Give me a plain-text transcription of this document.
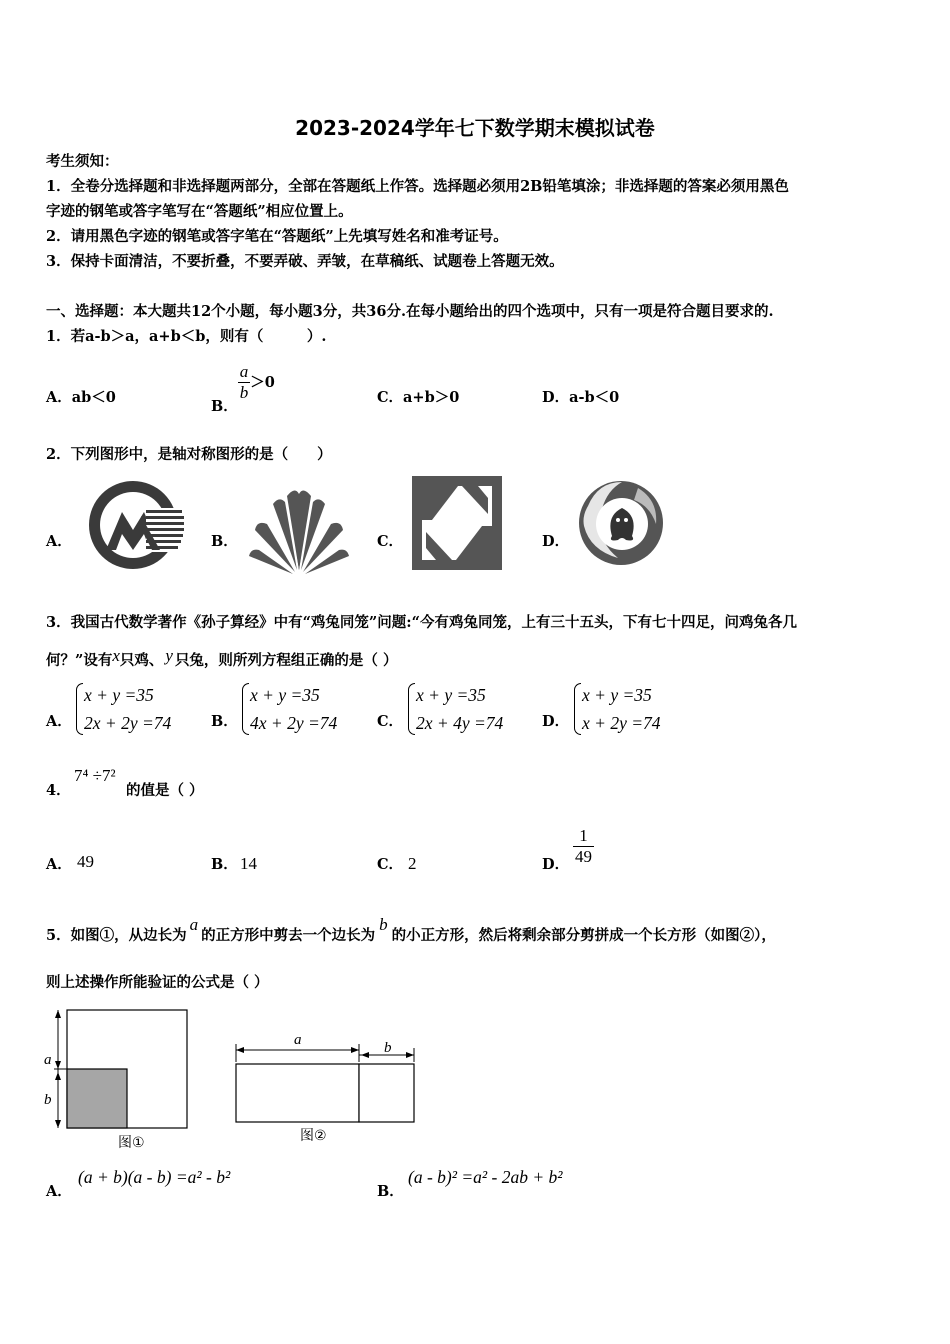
2023-2024学年七下数学期末模拟试卷
考生须知：
1．全卷分选择题和非选择题两部分，全部在答题纸上作答。选择题必须用2B铅笔填涂；非选择题的答案必须用黑色
字迹的钢笔或答字笔写在“答题纸”相应位置上。
2．请用黑色字迹的钢笔或答字笔在“答题纸”上先填写姓名和准考证号。
3．保持卡面清洁，不要折叠，不要弄破、弄皱，在草稿纸、试题卷上答题无效。
一、选择题：本大题共12个小题，每小题3分，共36分.在每小题给出的四个选项中，只有一项是符合题目要求的.
1．若a-b＞a，a+b＜b，则有（　　　）.
A．ab＜0	B．
$\frac{a}{b} >0$
C．a+b＞0	D．a-b＜0
2．下列图形中，是轴对称图形的是（　　）
A．	B．	C．	D．
3．我国古代数学著作《孙子算经》中有“鸡兔同笼”问题:“今有鸡兔同笼，上有三十五头，下有七十四足，问鸡兔各几
何？”设有x只鸡、 y 只兔，则所列方程组正确的是（ ）
A．
x + y =35
2x + 2y =74	B．
x + y =35
4x + 2y =74	C．
x + y =35
2x + 4y =74	D．
x + y =35
x + 2y =74
4．
7⁴ ÷7²
的值是（ ）
A． 49	B． 14	C． 2	D． $\frac{1}{49}$
5．如图①，从边长为a的正方形中剪去一个边长为b的小正方形，然后将剩余部分剪拼成一个长方形（如图②），
则上述操作所能验证的公式是（ ）
a
b
图①
a	b
图②
A．
(a + b)(a - b) =a² - b²
B．
(a - b)² =a² - 2ab + b²
